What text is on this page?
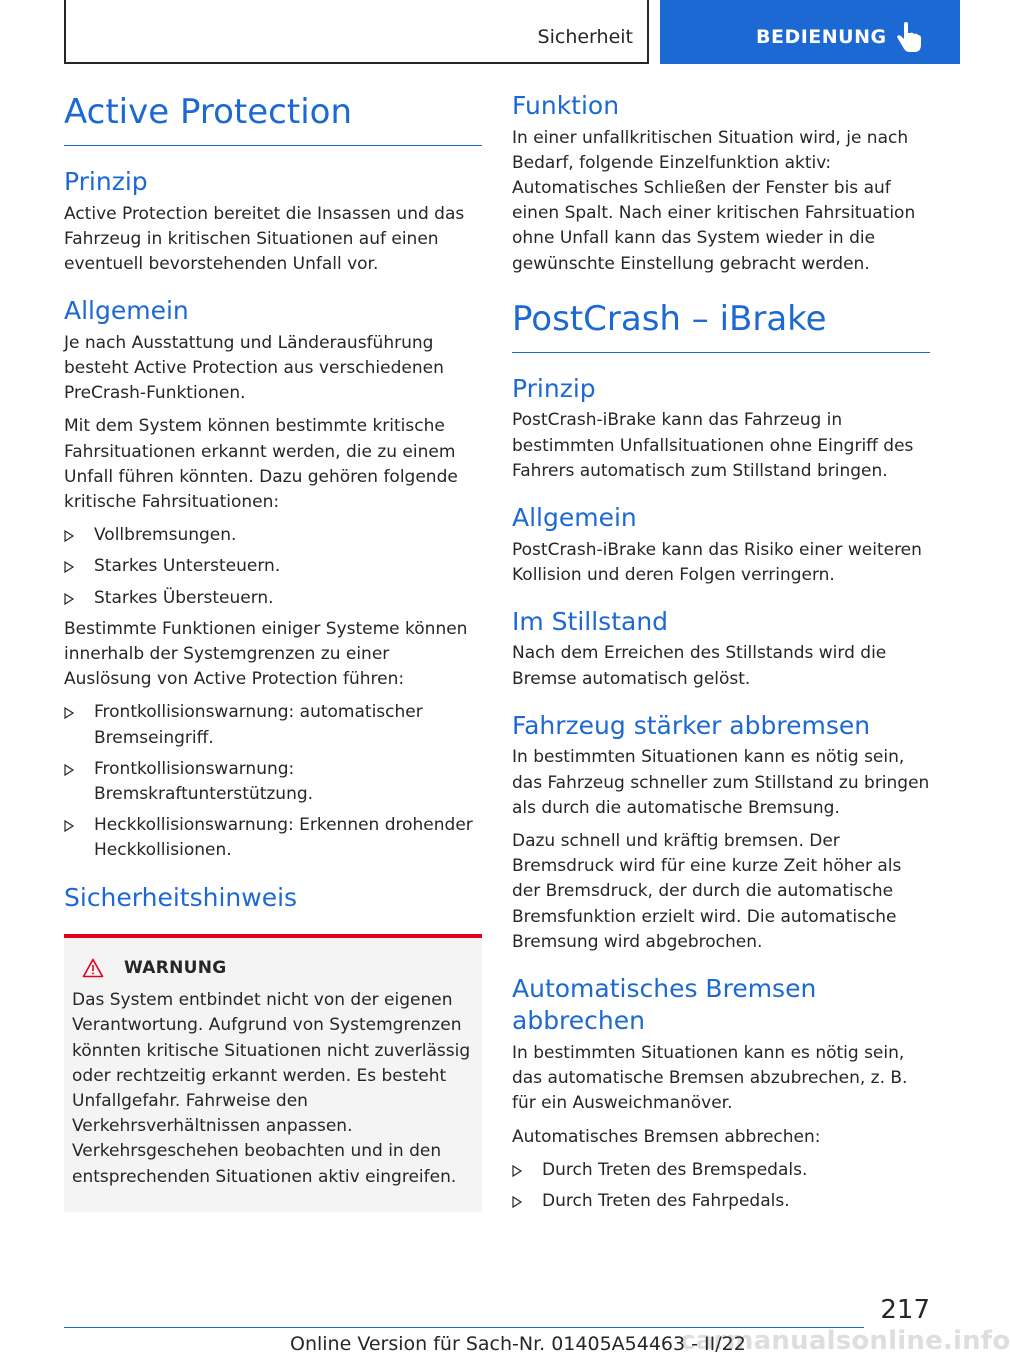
Sicherheit	BEDIENUNG
Active Protection
Prinzip

Active Protection bereitet die Insassen und das Fahrzeug in kritischen Situationen auf einen eventuell bevorstehenden Unfall vor.

Allgemein

Je nach Ausstattung und Länderausführung besteht Active Protection aus verschiedenen PreCrash-Funktionen.

Mit dem System können bestimmte kritische Fahrsituationen erkannt werden, die zu einem Unfall führen könnten. Dazu gehören folgende kritische Fahrsituationen:

Vollbremsungen.
Starkes Untersteuern.
Starkes Übersteuern.

Bestimmte Funktionen einiger Systeme können innerhalb der Systemgrenzen zu einer Auslösung von Active Protection führen:

Frontkollisionswarnung: automatischer Bremseingriff.
Frontkollisionswarnung: Bremskraftunterstützung.
Heckkollisionswarnung: Erkennen drohender Heckkollisionen.
Sicherheitshinweis
WARNUNG

Das System entbindet nicht von der eigenen Verantwortung. Aufgrund von Systemgrenzen könnten kritische Situationen nicht zuverlässig oder rechtzeitig erkannt werden. Es besteht Unfallgefahr. Fahrweise den Verkehrsverhältnissen anpassen. Verkehrsgeschehen beobachten und in den entsprechenden Situationen aktiv eingreifen.

Funktion

In einer unfallkritischen Situation wird, je nach Bedarf, folgende Einzelfunktion aktiv: Automatisches Schließen der Fenster bis auf einen Spalt. Nach einer kritischen Fahrsituation ohne Unfall kann das System wieder in die gewünschte Einstellung gebracht werden.

PostCrash – iBrake
Prinzip

PostCrash-iBrake kann das Fahrzeug in bestimmten Unfallsituationen ohne Eingriff des Fahrers automatisch zum Stillstand bringen.

Allgemein

PostCrash-iBrake kann das Risiko einer weiteren Kollision und deren Folgen verringern.

Im Stillstand

Nach dem Erreichen des Stillstands wird die Bremse automatisch gelöst.

Fahrzeug stärker abbremsen

In bestimmten Situationen kann es nötig sein, das Fahrzeug schneller zum Stillstand zu bringen als durch die automatische Bremsung.

Dazu schnell und kräftig bremsen. Der Bremsdruck wird für eine kurze Zeit höher als der Bremsdruck, der durch die automatische Bremsfunktion erzielt wird. Die automatische Bremsung wird abgebrochen.

Automatisches Bremsen abbrechen

In bestimmten Situationen kann es nötig sein, das automatische Bremsen abzubrechen, z. B. für ein Ausweichmanöver.

Automatisches Bremsen abbrechen:

Durch Treten des Bremspedals.
Durch Treten des Fahrpedals.
217
carmanualsonline.info
Online Version für Sach-Nr. 01405A54463 - II/22
